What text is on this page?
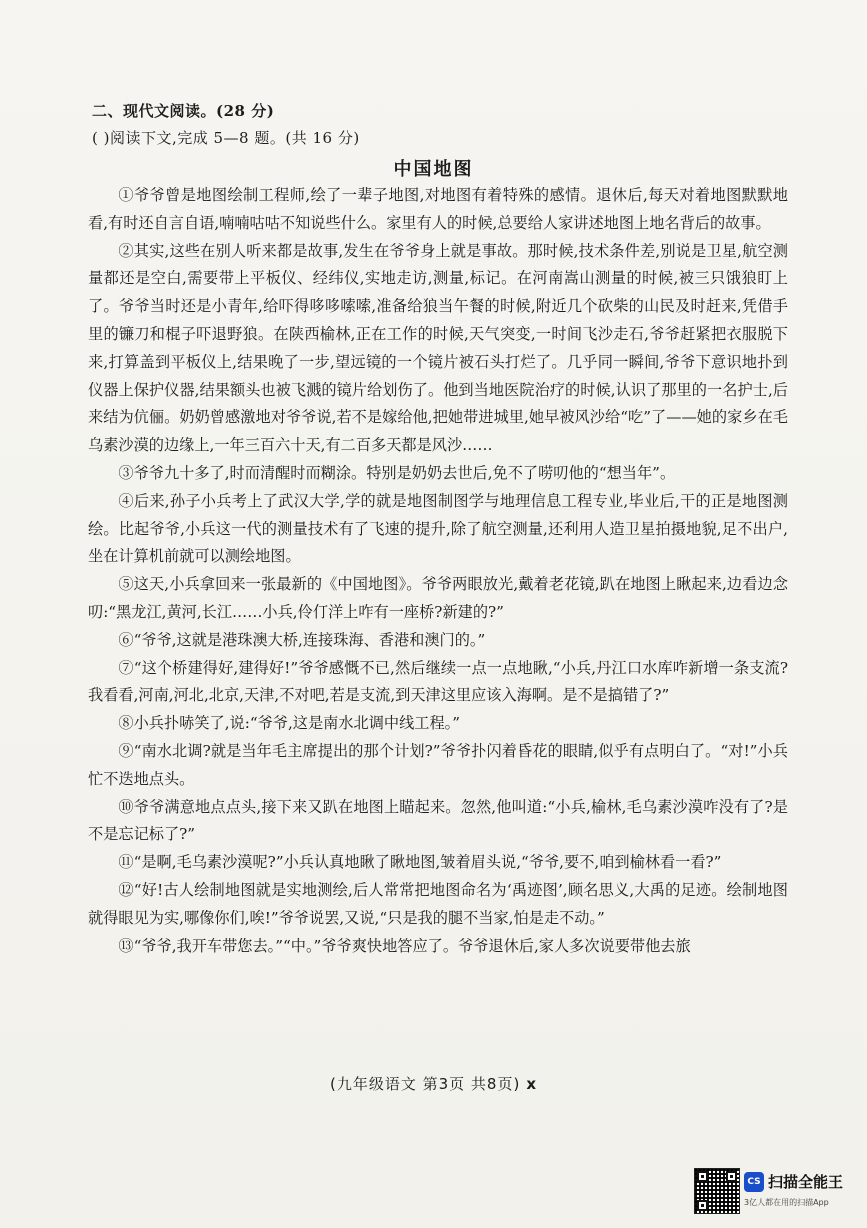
二、现代文阅读。(28 分)
( )阅读下文,完成 5—8 题。(共 16 分)
中国地图

①爷爷曾是地图绘制工程师,绘了一辈子地图,对地图有着特殊的感情。退休后,每天对着地图默默地看,有时还自言自语,喃喃咕咕不知说些什么。家里有人的时候,总要给人家讲述地图上地名背后的故事。

②其实,这些在别人听来都是故事,发生在爷爷身上就是事故。那时候,技术条件差,别说是卫星,航空测量都还是空白,需要带上平板仪、经纬仪,实地走访,测量,标记。在河南嵩山测量的时候,被三只饿狼盯上了。爷爷当时还是小青年,给吓得哆哆嗦嗦,准备给狼当午餐的时候,附近几个砍柴的山民及时赶来,凭借手里的镰刀和棍子吓退野狼。在陕西榆林,正在工作的时候,天气突变,一时间飞沙走石,爷爷赶紧把衣服脱下来,打算盖到平板仪上,结果晚了一步,望远镜的一个镜片被石头打烂了。几乎同一瞬间,爷爷下意识地扑到仪器上保护仪器,结果额头也被飞溅的镜片给划伤了。他到当地医院治疗的时候,认识了那里的一名护士,后来结为伉俪。奶奶曾感激地对爷爷说,若不是嫁给他,把她带进城里,她早被风沙给“吃”了——她的家乡在毛乌素沙漠的边缘上,一年三百六十天,有二百多天都是风沙……

③爷爷九十多了,时而清醒时而糊涂。特别是奶奶去世后,免不了唠叨他的“想当年”。

④后来,孙子小兵考上了武汉大学,学的就是地图制图学与地理信息工程专业,毕业后,干的正是地图测绘。比起爷爷,小兵这一代的测量技术有了飞速的提升,除了航空测量,还利用人造卫星拍摄地貌,足不出户,坐在计算机前就可以测绘地图。

⑤这天,小兵拿回来一张最新的《中国地图》。爷爷两眼放光,戴着老花镜,趴在地图上瞅起来,边看边念叨:“黑龙江,黄河,长江……小兵,伶仃洋上咋有一座桥?新建的?”

⑥“爷爷,这就是港珠澳大桥,连接珠海、香港和澳门的。”

⑦“这个桥建得好,建得好!”爷爷感慨不已,然后继续一点一点地瞅,“小兵,丹江口水库咋新增一条支流?我看看,河南,河北,北京,天津,不对吧,若是支流,到天津这里应该入海啊。是不是搞错了?”

⑧小兵扑哧笑了,说:“爷爷,这是南水北调中线工程。”

⑨“南水北调?就是当年毛主席提出的那个计划?”爷爷扑闪着昏花的眼睛,似乎有点明白了。“对!”小兵忙不迭地点头。

⑩爷爷满意地点点头,接下来又趴在地图上瞄起来。忽然,他叫道:“小兵,榆林,毛乌素沙漠咋没有了?是不是忘记标了?”

⑪“是啊,毛乌素沙漠呢?”小兵认真地瞅了瞅地图,皱着眉头说,“爷爷,要不,咱到榆林看一看?”

⑫“好!古人绘制地图就是实地测绘,后人常常把地图命名为‘禹迹图’,顾名思义,大禹的足迹。绘制地图就得眼见为实,哪像你们,唉!”爷爷说罢,又说,“只是我的腿不当家,怕是走不动。”

⑬“爷爷,我开车带您去。”“中。”爷爷爽快地答应了。爷爷退休后,家人多次说要带他去旅

(九年级语文 第3页 共8页) x
CS 扫描全能王
3亿人都在用的扫描App
